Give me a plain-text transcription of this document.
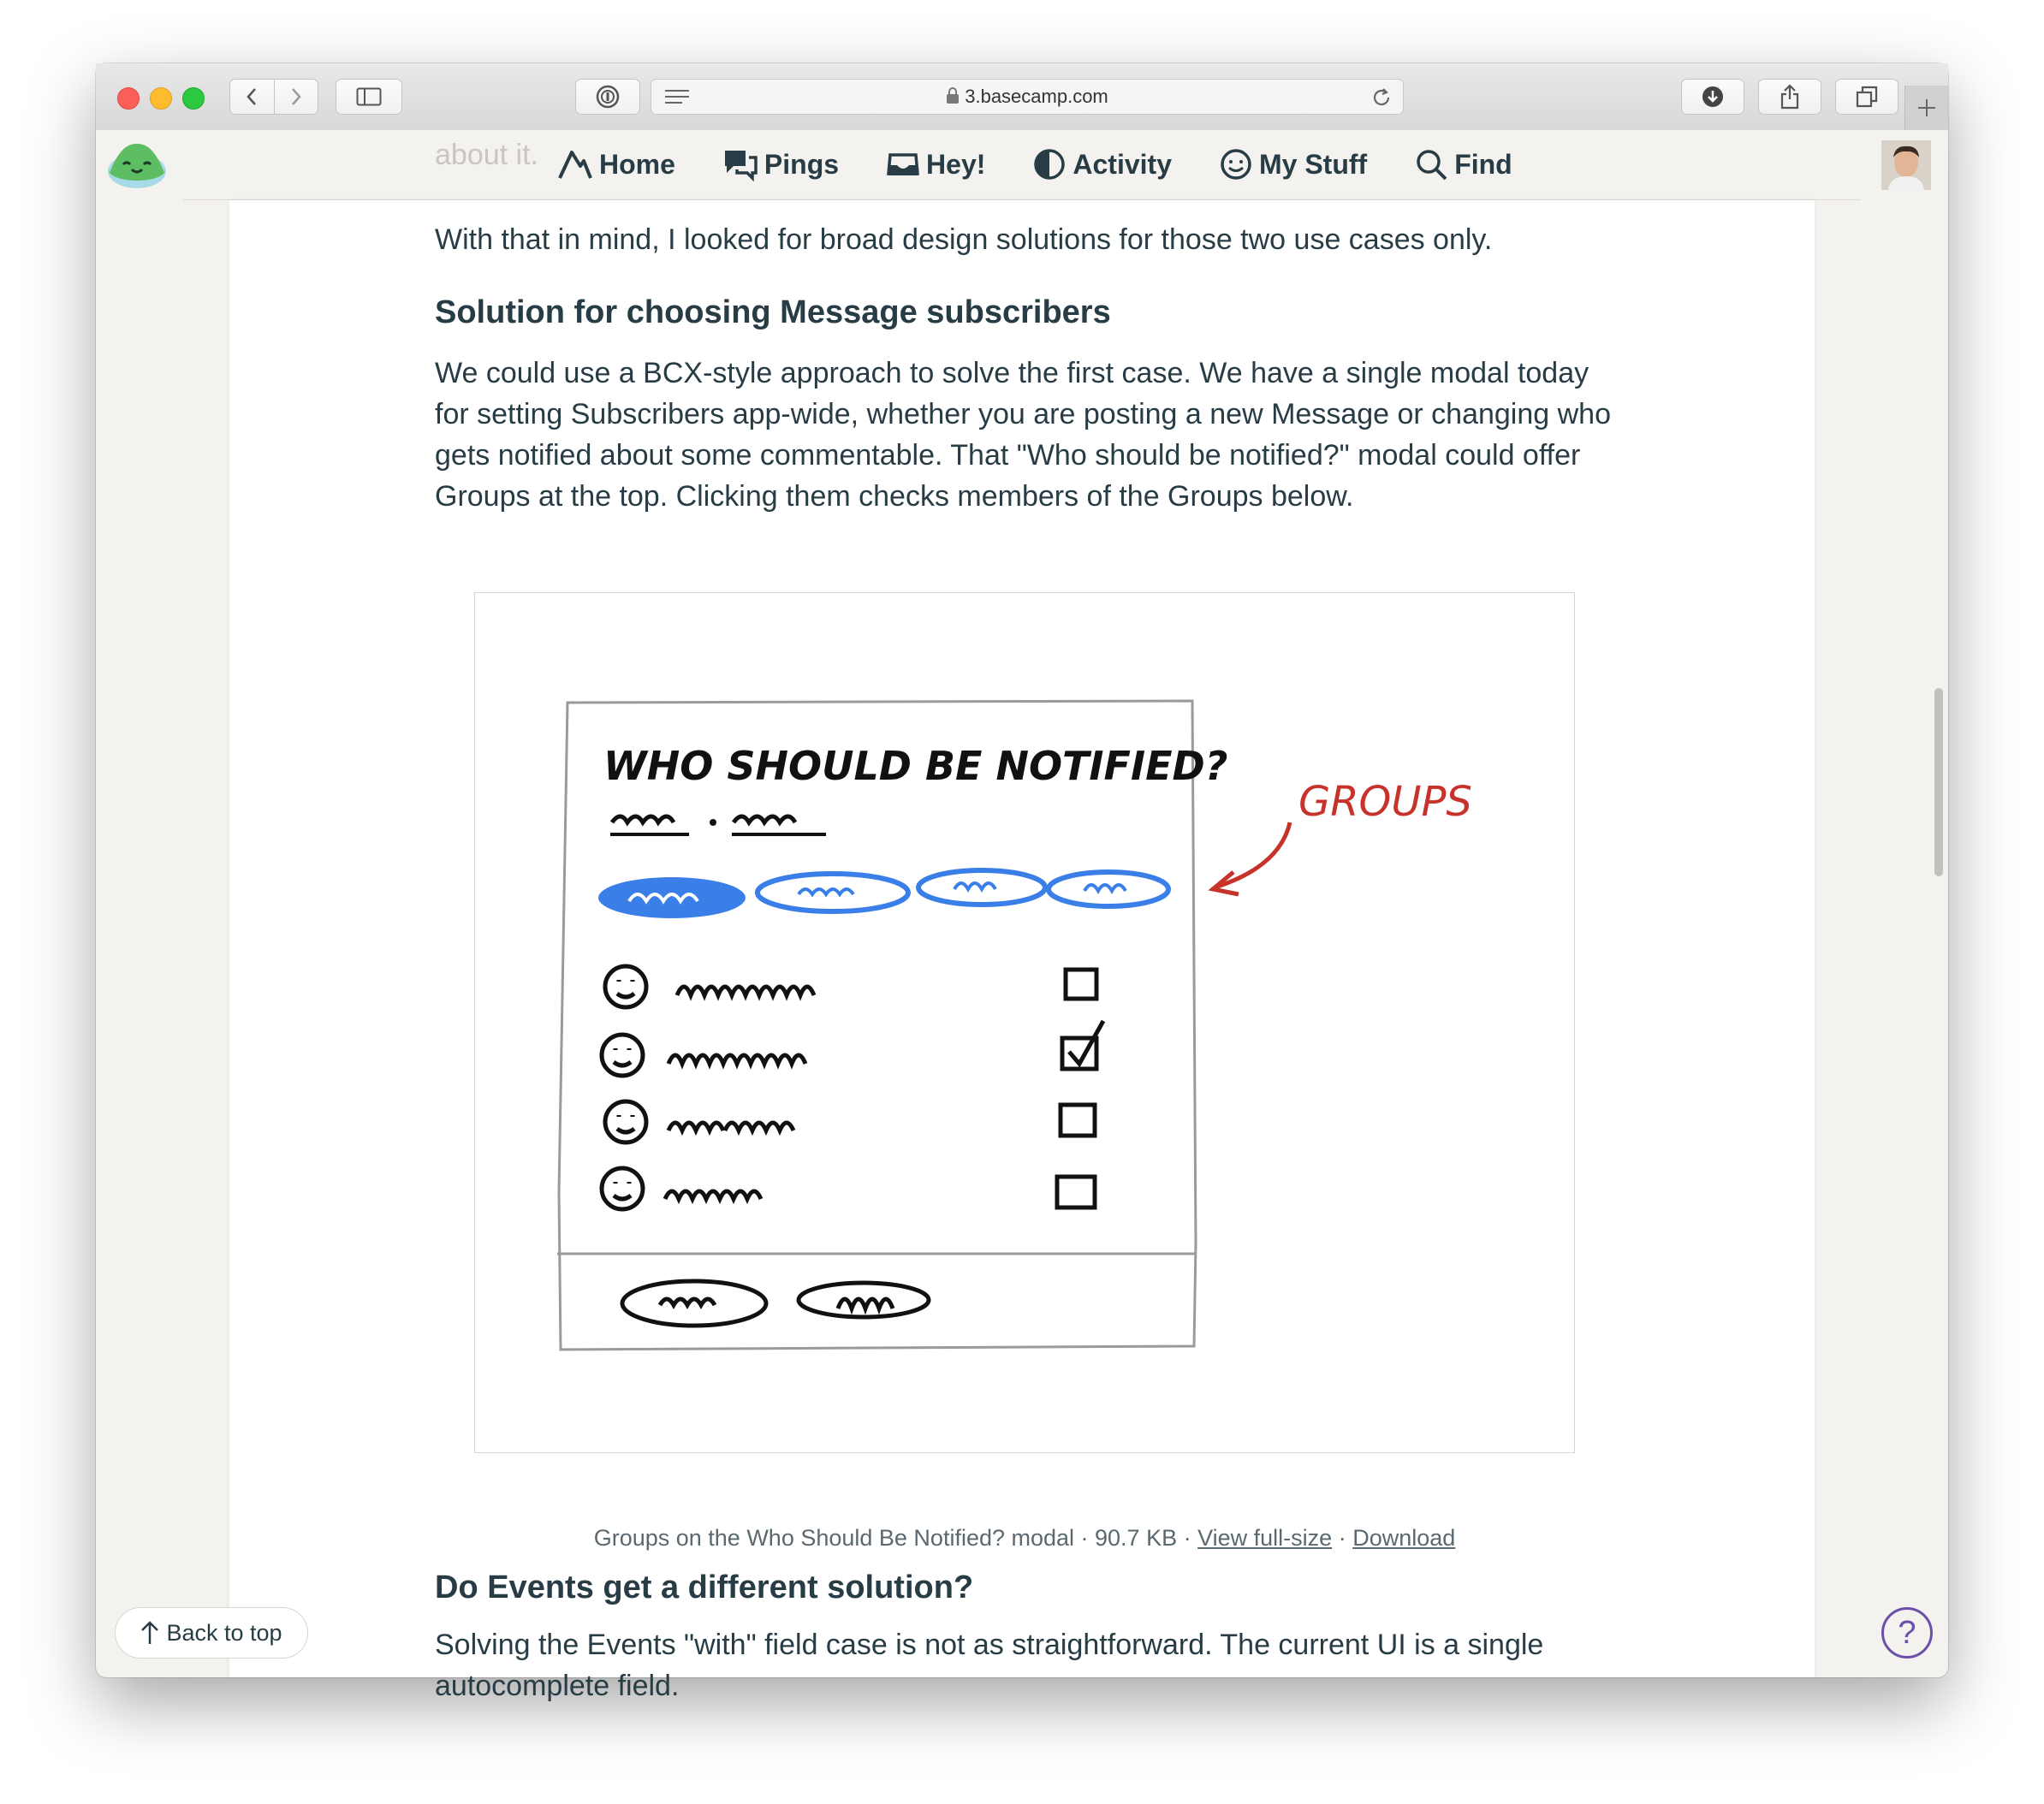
3.basecamp.com
about it. Home	Pings	Hey!	Activity	My Stuff	Find

With that in mind, I looked for broad design solutions for those two use cases only.

Solution for choosing Message subscribers

We could use a BCX-style approach to solve the first case. We have a single modal today for setting Subscribers app-wide, whether you are posting a new Message or changing who gets notified about some commentable. That "Who should be notified?" modal could offer Groups at the top. Clicking them checks members of the Groups below.

WHO SHOULD BE NOTIFIED?
GROUPS
Groups on the Who Should Be Notified? modal · 90.7 KB · View full-size · Download
Do Events get a different solution?

Solving the Events "with" field case is not as straightforward. The current UI is a single autocomplete field.

Back to top	?
